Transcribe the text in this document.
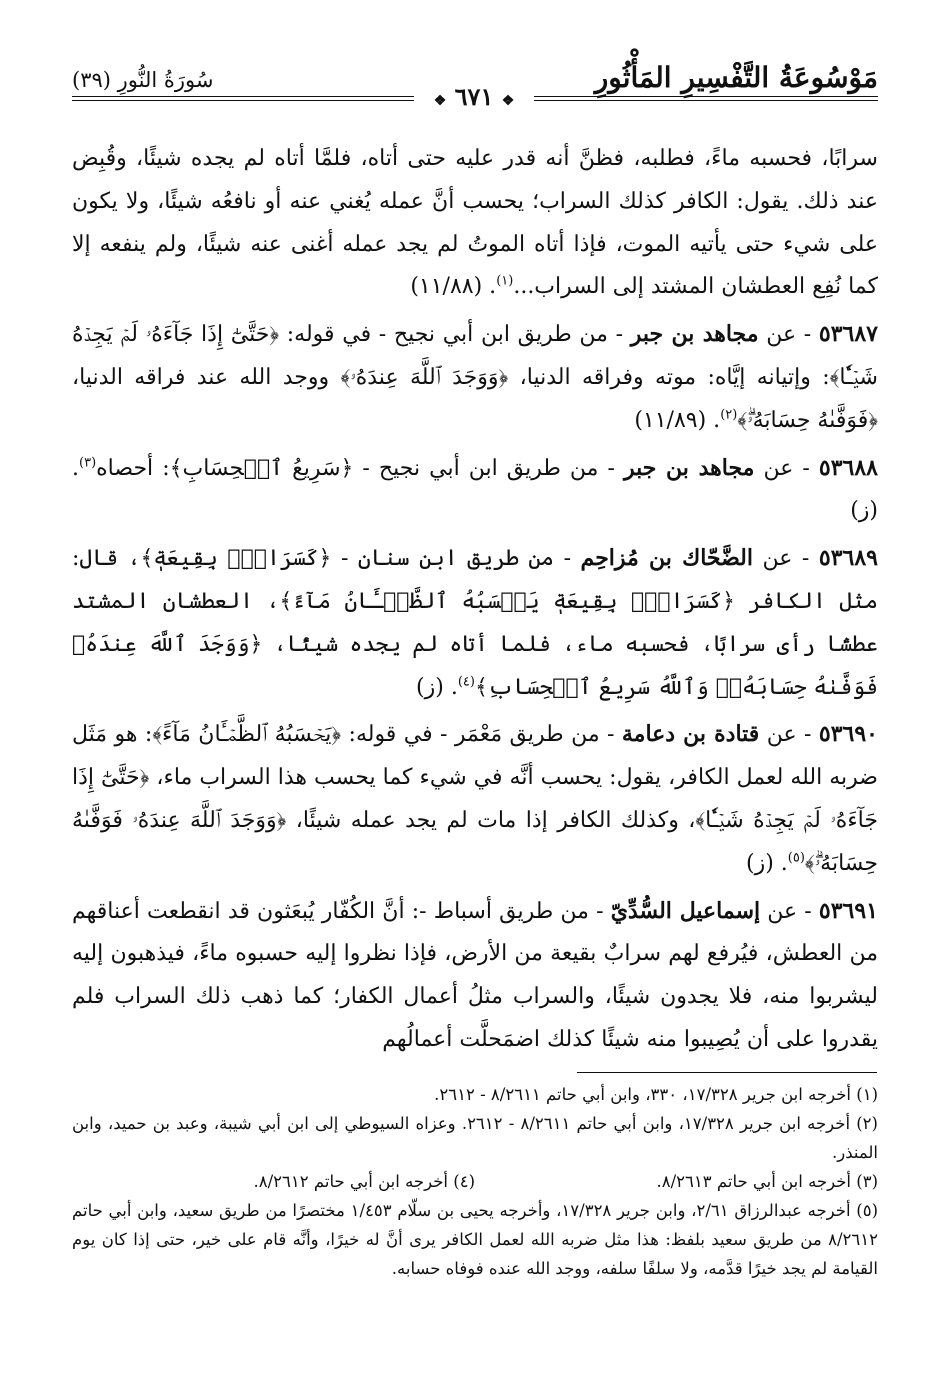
مَوْسُوعَةُ التَّفْسِيرِ المَأْثُورِ
❖ ٦٧١ ❖
سُورَةُ النُّورِ (٣٩)

سرابًا، فحسبه ماءً، فطلبه، فظنَّ أنه قدر عليه حتى أتاه، فلمَّا أتاه لم يجده شيئًا، وقُبِض عند ذلك. يقول: الكافر كذلك السراب؛ يحسب أنَّ عمله يُغني عنه أو نافعُه شيئًا، ولا يكون على شيء حتى يأتيه الموت، فإذا أتاه الموتُ لم يجد عمله أغنى عنه شيئًا، ولم ينفعه إلا كما نُفِع العطشان المشتد إلى السراب...$^{(١)}$. (١١/٨٨)

٥٣٦٨٧ - عن مجاهد بن جبر - من طريق ابن أبي نجيح - في قوله: ﴿حَتَّىٰٓ إِذَا جَآءَهُۥ لَمۡ يَجِدۡهُ شَيۡـٔٗا﴾: وإتيانه إيَّاه: موته وفراقه الدنيا، ﴿وَوَجَدَ ٱللَّهَ عِندَهُۥ﴾ ووجد الله عند فراقه الدنيا، ﴿فَوَفَّىٰهُ حِسَابَهُۥۗ﴾$^{(٢)}$. (١١/٨٩)

٥٣٦٨٨ - عن مجاهد بن جبر - من طريق ابن أبي نجيح - ﴿سَرِيعُ ٱلۡحِسَابِ﴾: أحصاه$^{(٣)}$. (ز)

٥٣٦٨٩ - عن الضَّحّاك بن مُزاحِم - من طريق ابن سنان - ﴿كَسَرَابِۭ بِقِيعَةٖ﴾، قال: مثل الكافر ﴿كَسَرَابِۭ بِقِيعَةٖ يَحۡسَبُهُ ٱلظَّمۡـَٔانُ مَآءً﴾، العطشان المشتد عطشًا رأى سرابًا، فحسبه ماء، فلما أتاه لم يجده شيئًا، ﴿وَوَجَدَ ٱللَّهَ عِندَهُۥ فَوَفَّىٰهُ حِسَابَهُۥۗ وَٱللَّهُ سَرِيعُ ٱلۡحِسَابِ﴾$^{(٤)}$. (ز)

٥٣٦٩٠ - عن قتادة بن دعامة - من طريق مَعْمَر - في قوله: ﴿يَحۡسَبُهُ ٱلظَّمۡـَٔانُ مَآءً﴾: هو مَثَل ضربه الله لعمل الكافر، يقول: يحسب أنَّه في شيء كما يحسب هذا السراب ماء، ﴿حَتَّىٰٓ إِذَا جَآءَهُۥ لَمۡ يَجِدۡهُ شَيۡـٔٗا﴾، وكذلك الكافر إذا مات لم يجد عمله شيئًا، ﴿وَوَجَدَ ٱللَّهَ عِندَهُۥ فَوَفَّىٰهُ حِسَابَهُۥۗ﴾$^{(٥)}$. (ز)

٥٣٦٩١ - عن إسماعيل السُّدِّيّ - من طريق أسباط -: أنَّ الكُفّار يُبعَثون قد انقطعت أعناقهم من العطش، فيُرفع لهم سرابٌ بقيعة من الأرض، فإذا نظروا إليه حسبوه ماءً، فيذهبون إليه ليشربوا منه، فلا يجدون شيئًا، والسراب مثلُ أعمال الكفار؛ كما ذهب ذلك السراب فلم يقدروا على أن يُصِيبوا منه شيئًا كذلك اضمَحلَّت أعمالُهم

(١) أخرجه ابن جرير ١٧/٣٢٨، ٣٣٠، وابن أبي حاتم ٨/٢٦١١ - ٢٦١٢.
(٢) أخرجه ابن جرير ١٧/٣٢٨، وابن أبي حاتم ٨/٢٦١١ - ٢٦١٢. وعزاه السيوطي إلى ابن أبي شيبة، وعبد بن حميد، وابن المنذر.
(٣) أخرجه ابن أبي حاتم ٨/٢٦١٣.
(٤) أخرجه ابن أبي حاتم ٨/٢٦١٢.
(٥) أخرجه عبدالرزاق ٢/٦١، وابن جرير ١٧/٣٢٨، وأخرجه يحيى بن سلّام ١/٤٥٣ مختصرًا من طريق سعيد، وابن أبي حاتم ٨/٢٦١٢ من طريق سعيد بلفظ: هذا مثل ضربه الله لعمل الكافر يرى أنَّ له خيرًا، وأنَّه قام على خير، حتى إذا كان يوم القيامة لم يجد خيرًا قدَّمه، ولا سلفًا سلفه، ووجد الله عنده فوفاه حسابه.
